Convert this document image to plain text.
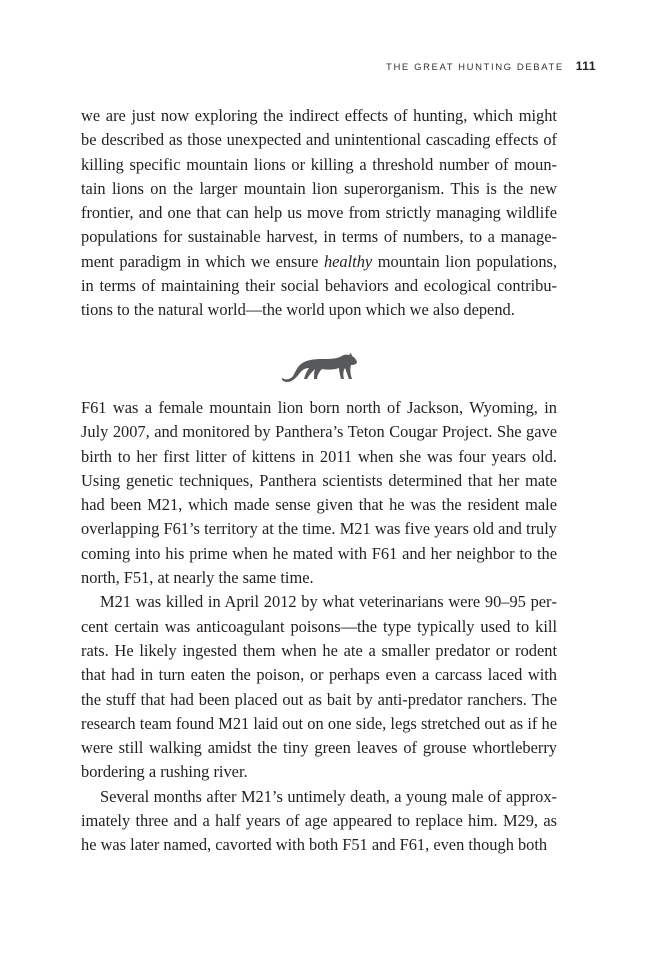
THE GREAT HUNTING DEBATE 111

we are just now exploring the indirect effects of hunting, which might be described as those unexpected and unintentional cascading effects of killing specific mountain lions or killing a threshold number of mountain lions on the larger mountain lion superorganism. This is the new frontier, and one that can help us move from strictly managing wildlife populations for sustainable harvest, in terms of numbers, to a management paradigm in which we ensure healthy mountain lion populations, in terms of maintaining their social behaviors and ecological contributions to the natural world—the world upon which we also depend.

F61 was a female mountain lion born north of Jackson, Wyoming, in July 2007, and monitored by Panthera’s Teton Cougar Project. She gave birth to her first litter of kittens in 2011 when she was four years old. Using genetic techniques, Panthera scientists determined that her mate had been M21, which made sense given that he was the resident male overlapping F61’s territory at the time. M21 was five years old and truly coming into his prime when he mated with F61 and her neighbor to the north, F51, at nearly the same time.

M21 was killed in April 2012 by what veterinarians were 90–95 percent certain was anticoagulant poisons—the type typically used to kill rats. He likely ingested them when he ate a smaller predator or rodent that had in turn eaten the poison, or perhaps even a carcass laced with the stuff that had been placed out as bait by anti-predator ranchers. The research team found M21 laid out on one side, legs stretched out as if he were still walking amidst the tiny green leaves of grouse whortleberry bordering a rushing river.

Several months after M21’s untimely death, a young male of approximately three and a half years of age appeared to replace him. M29, as he was later named, cavorted with both F51 and F61, even though both
